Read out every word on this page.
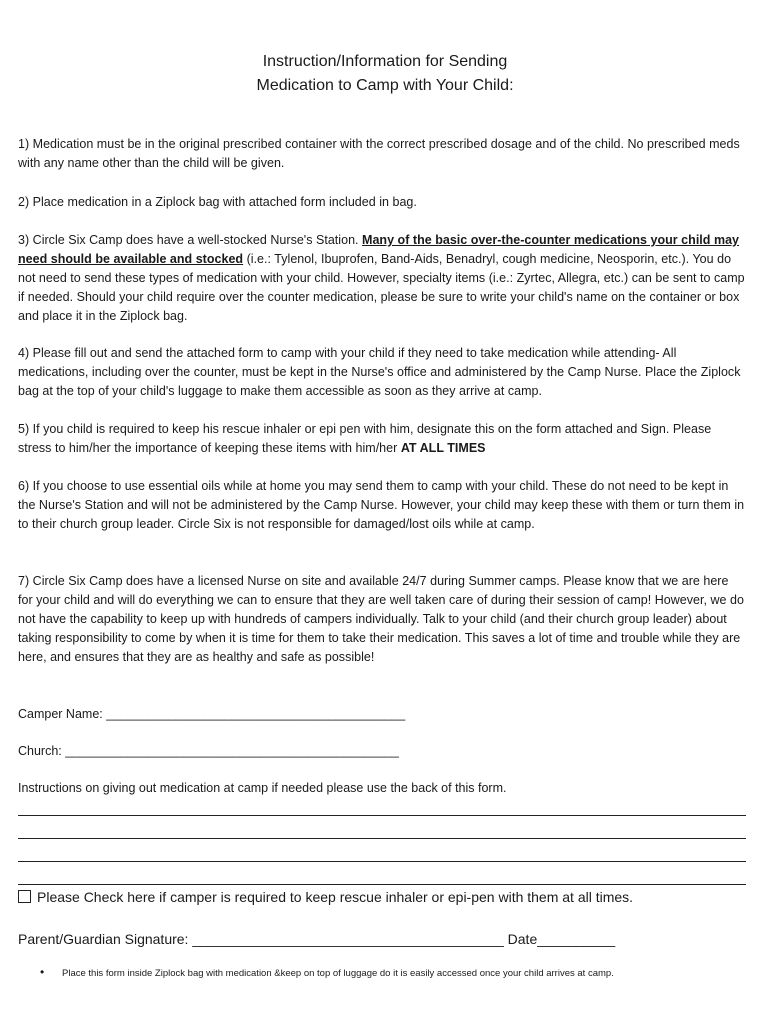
Instruction/Information for Sending
Medication to Camp with Your Child:
1) Medication must be in the original prescribed container with the correct prescribed dosage and of the child. No prescribed meds with any name other than the child will be given.
2) Place medication in a Ziplock bag with attached form included in bag.
3) Circle Six Camp does have a well-stocked Nurse's Station. Many of the basic over-the-counter medications your child may need should be available and stocked (i.e.: Tylenol, Ibuprofen, Band-Aids, Benadryl, cough medicine, Neosporin, etc.). You do not need to send these types of medication with your child. However, specialty items (i.e.: Zyrtec, Allegra, etc.) can be sent to camp if needed. Should your child require over the counter medication, please be sure to write your child's name on the container or box and place it in the Ziplock bag.
4) Please fill out and send the attached form to camp with your child if they need to take medication while attending- All medications, including over the counter, must be kept in the Nurse's office and administered by the Camp Nurse. Place the Ziplock bag at the top of your child's luggage to make them accessible as soon as they arrive at camp.
5) If you child is required to keep his rescue inhaler or epi pen with him, designate this on the form attached and Sign. Please stress to him/her the importance of keeping these items with him/her AT ALL TIMES
6) If you choose to use essential oils while at home you may send them to camp with your child. These do not need to be kept in the Nurse's Station and will not be administered by the Camp Nurse. However, your child may keep these with them or turn them in to their church group leader. Circle Six is not responsible for damaged/lost oils while at camp.
7) Circle Six Camp does have a licensed Nurse on site and available 24/7 during Summer camps. Please know that we are here for your child and will do everything we can to ensure that they are well taken care of during their session of camp! However, we do not have the capability to keep up with hundreds of campers individually. Talk to your child (and their church group leader) about taking responsibility to come by when it is time for them to take their medication. This saves a lot of time and trouble while they are here, and ensures that they are as healthy and safe as possible!
Camper Name: ___________________________________________
Church: ________________________________________________
Instructions on giving out medication at camp if needed please use the back of this form.
Please Check here if camper is required to keep rescue inhaler or epi-pen with them at all times.
Parent/Guardian Signature: ________________________________________ Date__________
• Place this form inside Ziplock bag with medication &keep on top of luggage do it is easily accessed once your child arrives at camp.
